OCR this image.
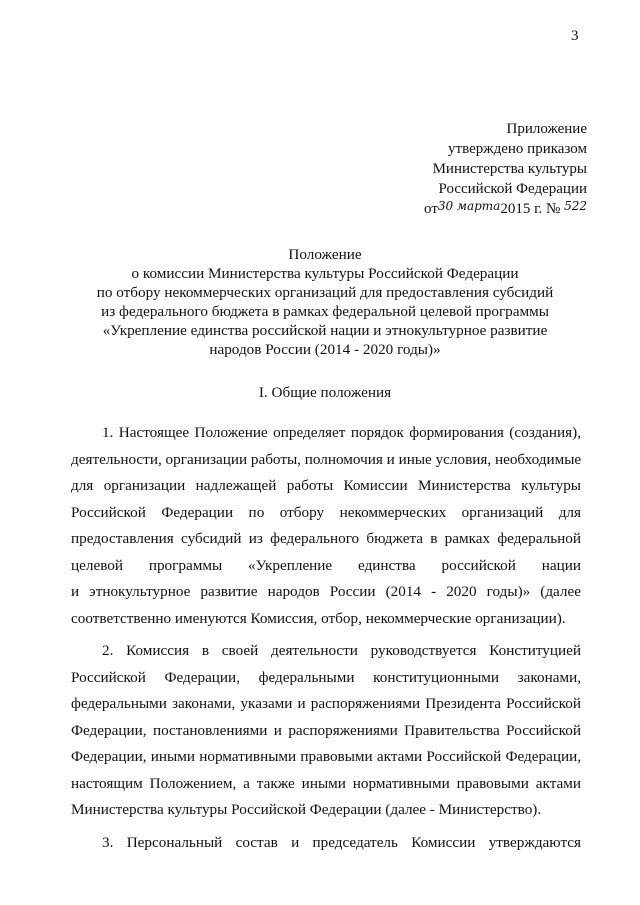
3
Приложение
утверждено приказом
Министерства культуры
Российской Федерации
$от^{30 марта}2015$ г. № $^{522}$
Положение
о комиссии Министерства культуры Российской Федерации
по отбору некоммерческих организаций для предоставления субсидий
из федерального бюджета в рамках федеральной целевой программы
«Укрепление единства российской нации и этнокультурное развитие
народов России (2014 - 2020 годы)»
I. Общие положения
1. Настоящее Положение определяет порядок формирования (создания),
деятельности, организации работы, полномочия и иные условия, необходимые
для организации надлежащей работы Комиссии Министерства культуры
Российской Федерации по отбору некоммерческих организаций для
предоставления субсидий из федерального бюджета в рамках федеральной
целевой программы «Укрепление единства российской нации
и этнокультурное развитие народов России (2014 - 2020 годы)» (далее
соответственно именуются Комиссия, отбор, некоммерческие организации).
2. Комиссия в своей деятельности руководствуется Конституцией
Российской Федерации, федеральными конституционными законами,
федеральными законами, указами и распоряжениями Президента Российской
Федерации, постановлениями и распоряжениями Правительства Российской
Федерации, иными нормативными правовыми актами Российской Федерации,
настоящим Положением, а также иными нормативными правовыми актами
Министерства культуры Российской Федерации (далее - Министерство).
3. Персональный состав и председатель Комиссии утверждаются
